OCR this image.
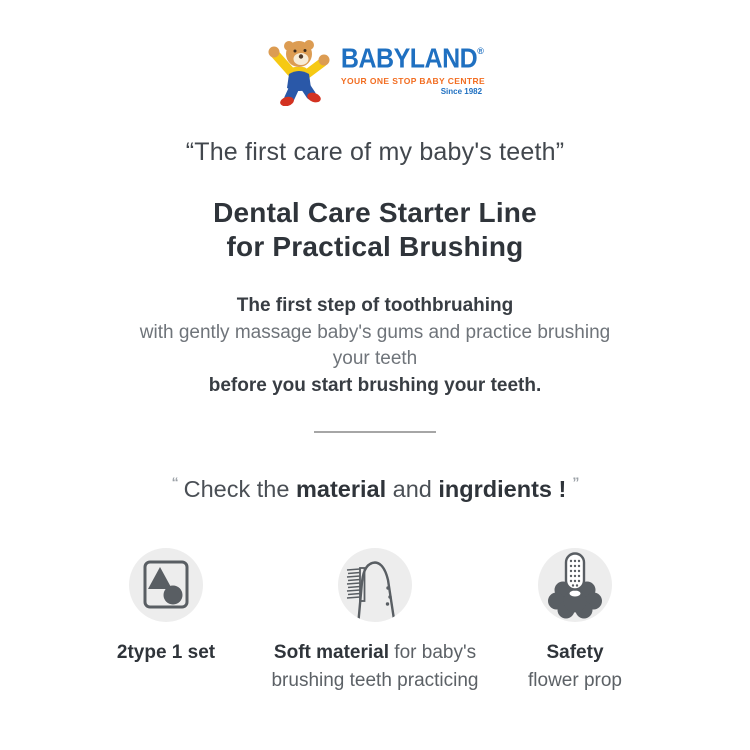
BABYLAND®
YOUR ONE STOP BABY CENTRE
Since 1982
“The first care of my baby's teeth”
Dental Care Starter Line
for Practical Brushing
The first step of toothbruahing
with gently massage baby's gums and practice brushing
your teeth
before you start brushing your teeth.
“ Check the material and ingrdients ! ”
2type 1 set	Soft material for baby's
brushing teeth practicing
Safety
flower prop
